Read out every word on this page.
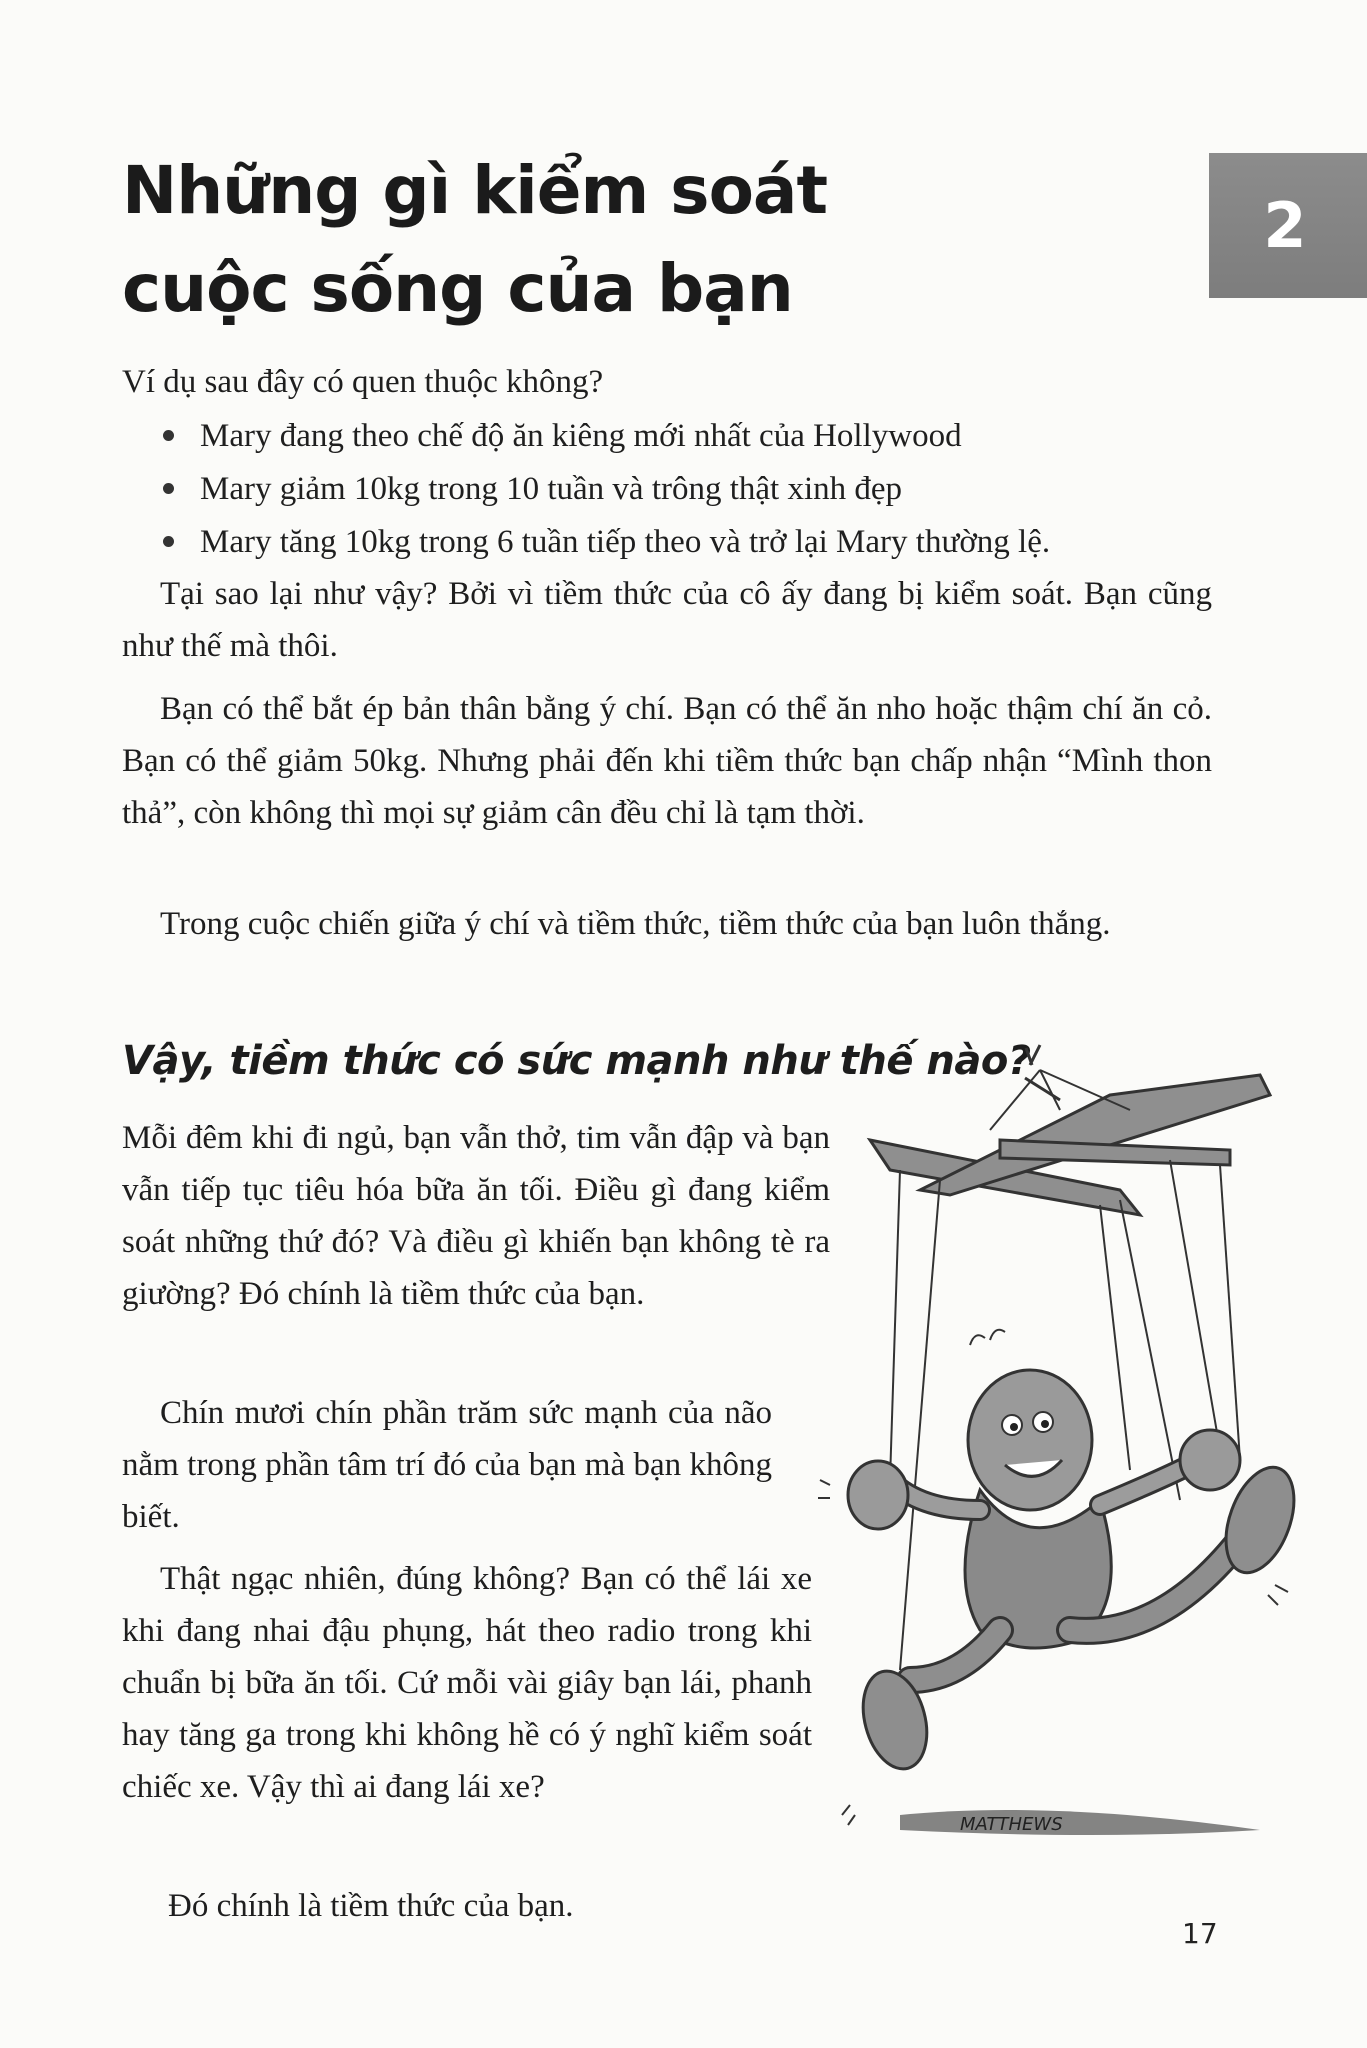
Những gì kiểm soát
cuộc sống của bạn
2

Ví dụ sau đây có quen thuộc không?

Mary đang theo chế độ ăn kiêng mới nhất của Hollywood
Mary giảm 10kg trong 10 tuần và trông thật xinh đẹp
Mary tăng 10kg trong 6 tuần tiếp theo và trở lại Mary thường lệ.

Tại sao lại như vậy? Bởi vì tiềm thức của cô ấy đang bị kiểm soát. Bạn cũng như thế mà thôi.

Bạn có thể bắt ép bản thân bằng ý chí. Bạn có thể ăn nho hoặc thậm chí ăn cỏ. Bạn có thể giảm 50kg. Nhưng phải đến khi tiềm thức bạn chấp nhận “Mình thon thả”, còn không thì mọi sự giảm cân đều chỉ là tạm thời.

Trong cuộc chiến giữa ý chí và tiềm thức, tiềm thức của bạn luôn thắng.

Vậy, tiềm thức có sức mạnh như thế nào?

Mỗi đêm khi đi ngủ, bạn vẫn thở, tim vẫn đập và bạn vẫn tiếp tục tiêu hóa bữa ăn tối. Điều gì đang kiểm soát những thứ đó? Và điều gì khiến bạn không tè ra giường? Đó chính là tiềm thức của bạn.

Chín mươi chín phần trăm sức mạnh của não nằm trong phần tâm trí đó của bạn mà bạn không biết.

Thật ngạc nhiên, đúng không? Bạn có thể lái xe khi đang nhai đậu phụng, hát theo radio trong khi chuẩn bị bữa ăn tối. Cứ mỗi vài giây bạn lái, phanh hay tăng ga trong khi không hề có ý nghĩ kiểm soát chiếc xe. Vậy thì ai đang lái xe?

Đó chính là tiềm thức của bạn.

MATTHEWS
17
